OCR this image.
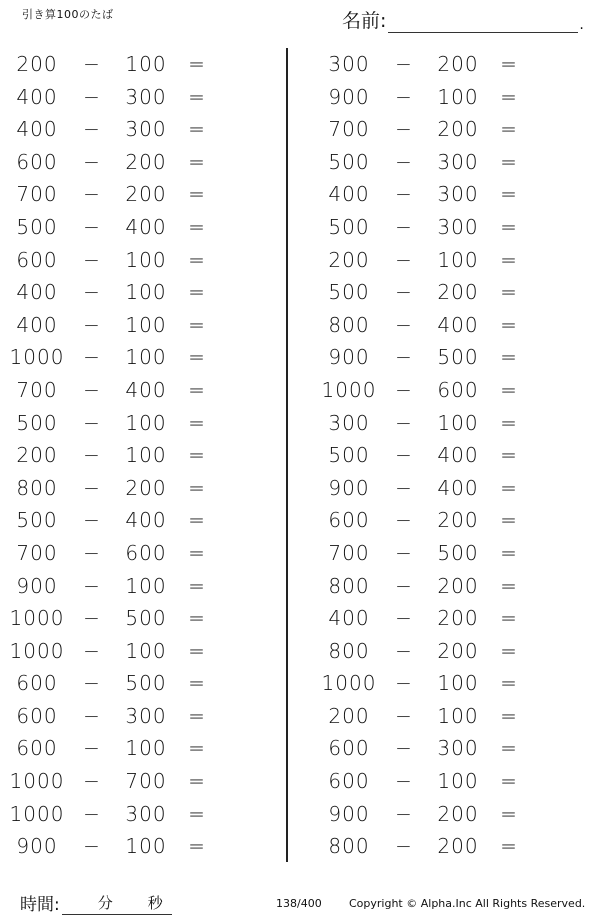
引き算100のたば	名前:	.
200	−	100	=
400	−	300	=
400	−	300	=
600	−	200	=
700	−	200	=
500	−	400	=
600	−	100	=
400	−	100	=
400	−	100	=
1000 −	100	=
700	−	400	=
500	−	100	=
200	−	100	=
800	−	200	=
500	−	400	=
700	−	600	=
900	−	100	=
1000 −	500	=
1000 −	100	=
600	−	500	=
600	−	300	=
600	−	100	=
1000 −	700	=
1000 −	300	=
900	−	100	=
300	−	200	=
900	−	100	=
700	−	200	=
500	−	300	=
400	−	300	=
500	−	300	=
200	−	100	=
500	−	200	=
800	−	400	=
900	−	500	=
1000 −	600	=
300	−	100	=
500	−	400	=
900	−	400	=
600	−	200	=
700	−	500	=
800	−	200	=
400	−	200	=
800	−	200	=
1000 −	100	=
200	−	100	=
600	−	300	=
600	−	100	=
900	−	200	=
800	−	200	=
時間:	分 秒	138/400 Copyright © Alpha.Inc All Rights Reserved.
